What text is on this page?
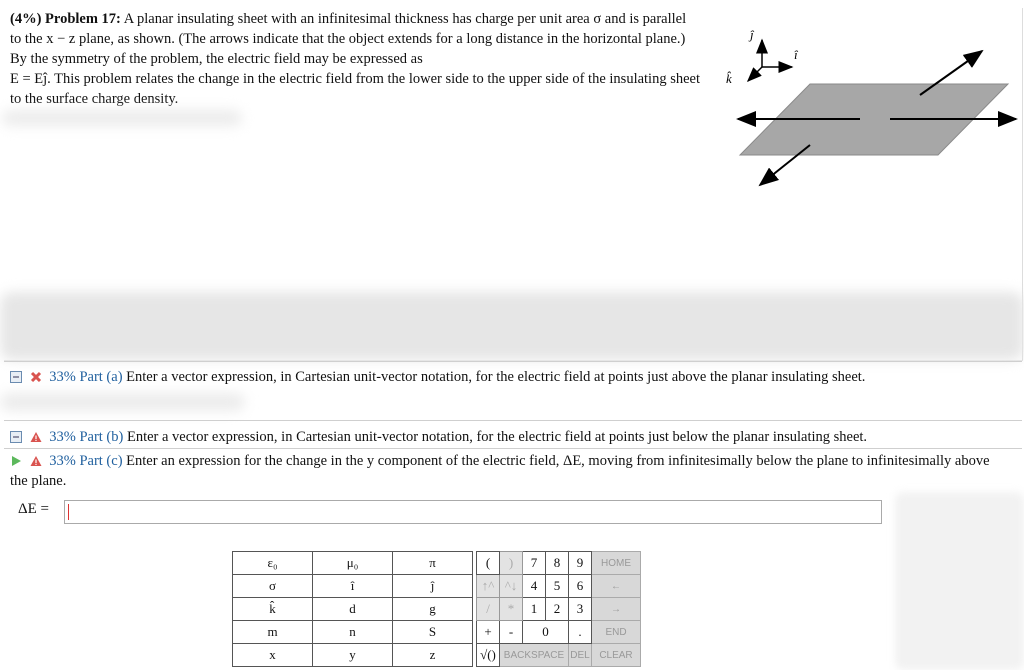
(4%) Problem 17: A planar insulating sheet with an infinitesimal thickness has charge per unit area σ and is parallel to the x − z plane, as shown. (The arrows indicate that the object extends for a long distance in the horizontal plane.) By the symmetry of the problem, the electric field may be expressed as
E = Eĵ. This problem relates the change in the electric field from the lower side to the upper side of the insulating sheet to the surface charge density.
ĵ
î
k̂
33% Part (a) Enter a vector expression, in Cartesian unit-vector notation, for the electric field at points just above the planar insulating sheet.
33% Part (b) Enter a vector expression, in Cartesian unit-vector notation, for the electric field at points just below the planar insulating sheet.
33% Part (c) Enter an expression for the change in the y component of the electric field, ΔE, moving from infinitesimally below the plane to infinitesimally above the plane.
ΔE =
ε₀	μ₀	π
σ	î	ĵ
k̂	d	g
m	n	S
x	y	z
(	)	7	8	9	HOME
↑^	^↓	4	5	6	←
/	*	1	2	3	→
+	-	0		.	END
√()	BACKSPACE			DEL	CLEAR
